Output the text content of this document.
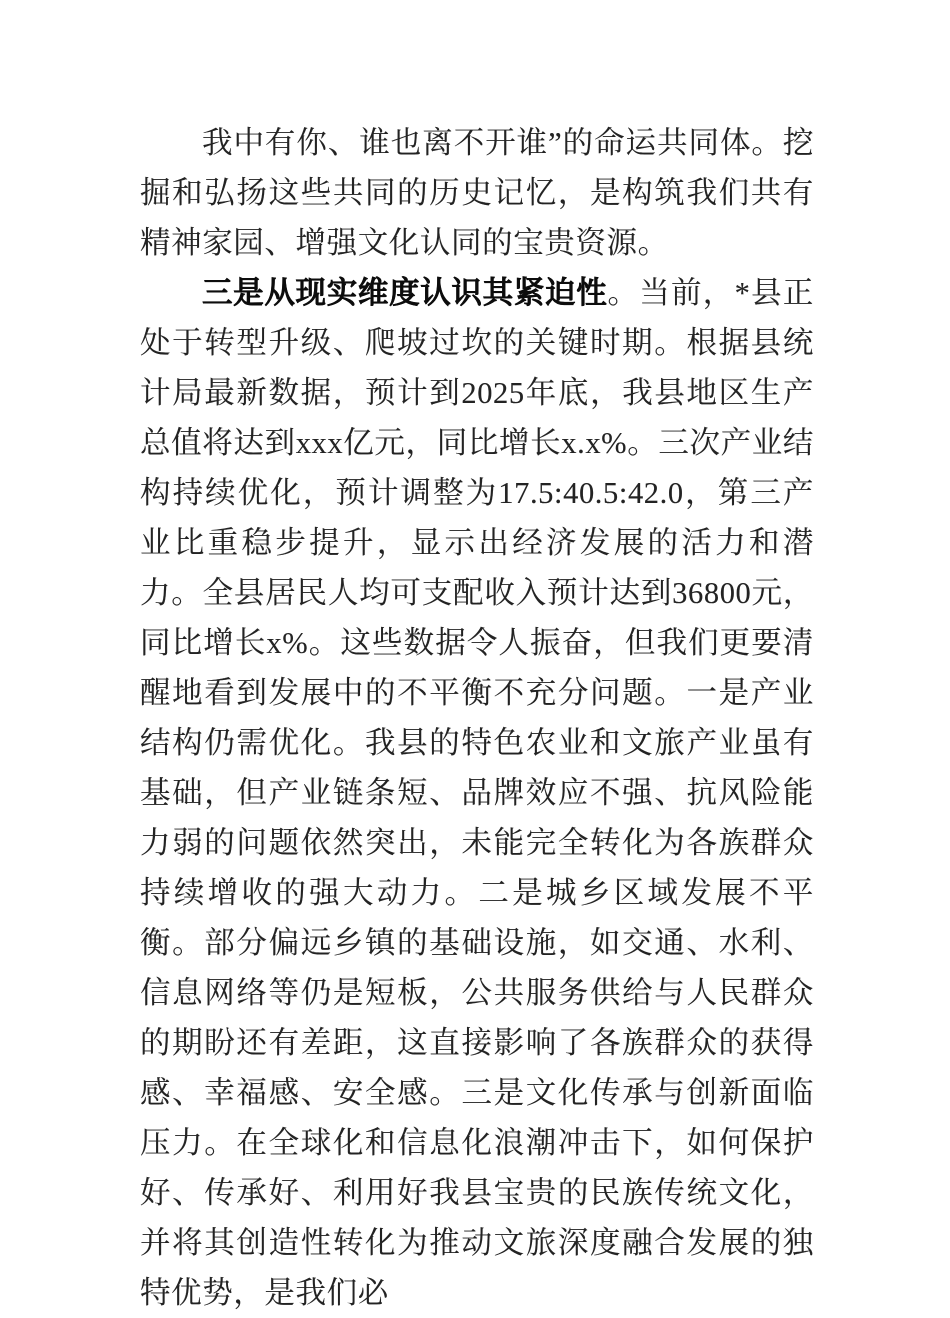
我中有你、谁也离不开谁”的命运共同体。挖掘和弘扬这些共同的历史记忆，是构筑我们共有精神家园、增强文化认同的宝贵资源。

三是从现实维度认识其紧迫性。当前，*县正处于转型升级、爬坡过坎的关键时期。根据县统计局最新数据，预计到2025年底，我县地区生产总值将达到xxx亿元，同比增长x.x%。三次产业结构持续优化，预计调整为17.5:40.5:42.0，第三产业比重稳步提升，显示出经济发展的活力和潜力。全县居民人均可支配收入预计达到36800元，同比增长x%。这些数据令人振奋，但我们更要清醒地看到发展中的不平衡不充分问题。一是产业结构仍需优化。我县的特色农业和文旅产业虽有基础，但产业链条短、品牌效应不强、抗风险能力弱的问题依然突出，未能完全转化为各族群众持续增收的强大动力。二是城乡区域发展不平衡。部分偏远乡镇的基础设施，如交通、水利、信息网络等仍是短板，公共服务供给与人民群众的期盼还有差距，这直接影响了各族群众的获得感、幸福感、安全感。三是文化传承与创新面临压力。在全球化和信息化浪潮冲击下，如何保护好、传承好、利用好我县宝贵的民族传统文化，并将其创造性转化为推动文旅深度融合发展的独特优势，是我们必
